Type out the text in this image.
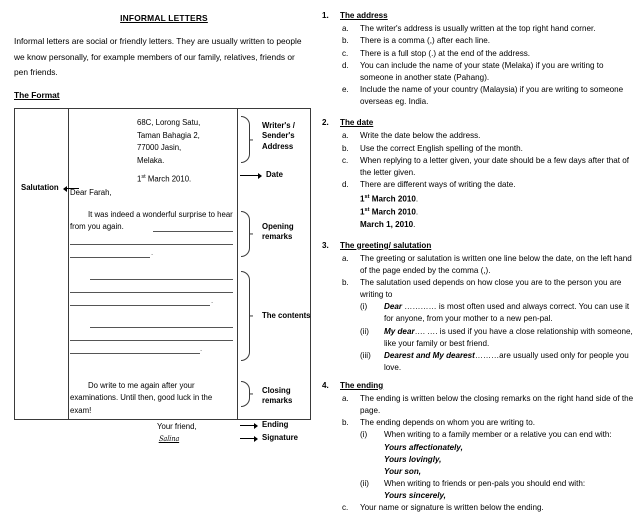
INFORMAL LETTERS
Informal letters are social or friendly letters. They are usually written to people we know personally, for example members of our family, relatives, friends or pen friends.
The Format
Salutation
68C, Lorong Satu,
Taman Bahagia 2,
77000 Jasin,
Melaka.
1st March 2010.
Dear Farah,
It was indeed a wonderful surprise to hear from you again.
.
.
.
Do write to me again after your examinations. Until then, good luck in the exam!
Your friend,
Salina
Writer's /
Sender's
Address
Date
Opening
remarks
The contents
Closing
remarks
Ending
Signature
1. The address
a.	The writer's address is usually written at the top right hand corner.
b.	There is a comma (,) after each line.
c.	There is a full stop (.) at the end of the address.
d.	You can include the name of your state (Melaka) if you are writing to someone in another state (Pahang).
e.	Include the name of your country (Malaysia) if you are writing to someone overseas eg. India.
2. The date
a.	Write the date below the address.
b.	Use the correct English spelling of the month.
c.	When replying to a letter given, your date should be a few days after that of the letter given.
d.	There are different ways of writing the date.
1st March 2010.
1st March 2010.
March 1, 2010.
3. The greeting/ salutation
a.	The greeting or salutation is written one line below the date, on the left hand of the page ended by the comma (,).
b.	The salutation used depends on how close you are to the person you are writing to
(i)	Dear ………… is most often used and always correct. You can use it for anyone, from your mother to a new pen-pal.
(ii)	My dear…. …. is used if you have a close relationship with someone, like your family or best friend.
(iii)	Dearest and My dearest………are usually used only for people you love.
4. The ending
a.	The ending is written below the closing remarks on the right hand side of the page.
b.	The ending depends on whom you are writing to.
(i)	When writing to a family member or a relative you can end with:
Yours affectionately,
Yours lovingly,
Your son,
(ii)	When writing to friends or pen-pals you should end with:
Yours sincerely,
c.	Your name or signature is written below the ending.
